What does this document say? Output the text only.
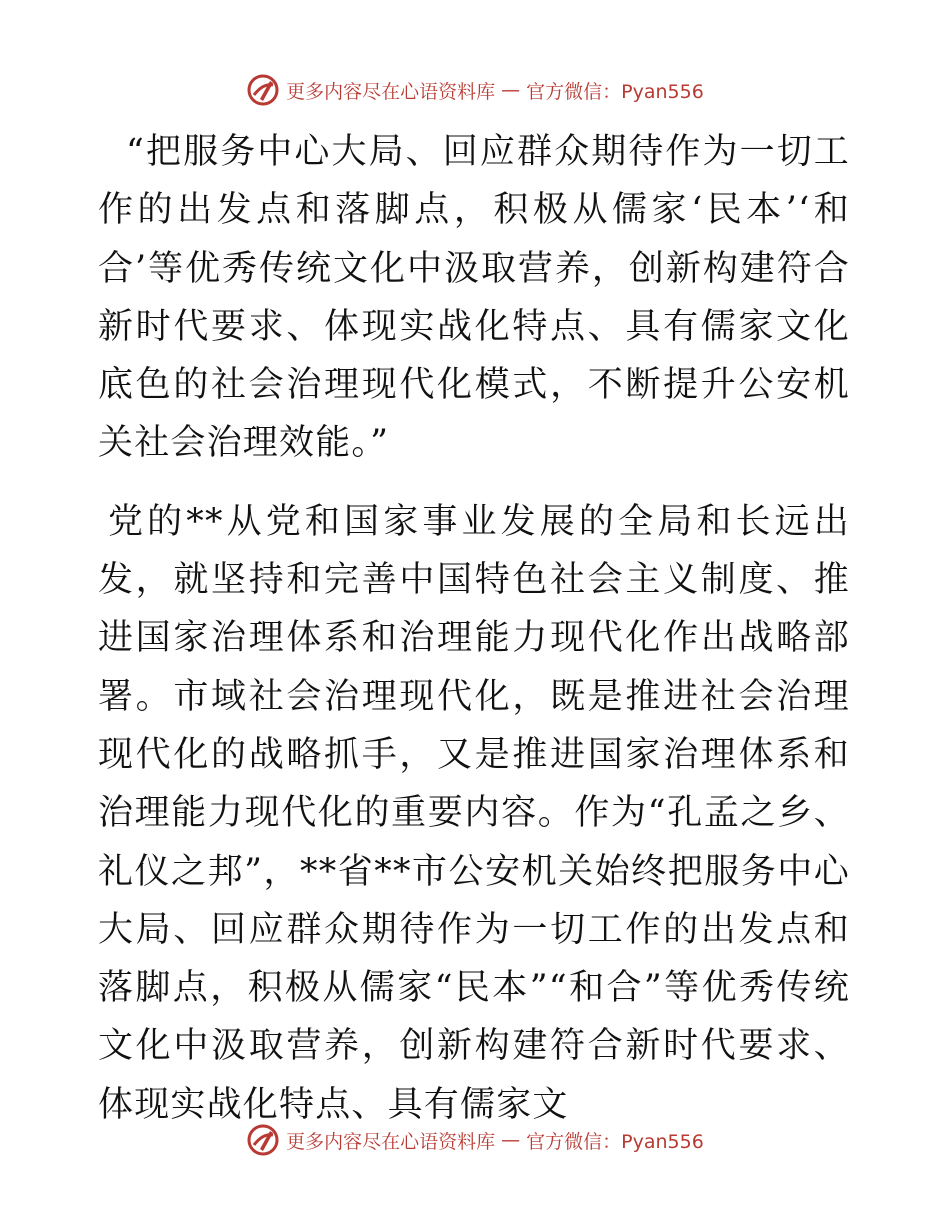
更多内容尽在心语资料库 — 官方微信：Pyan556

“把服务中心大局、回应群众期待作为一切工作的出发点和落脚点，积极从儒家‘民本’‘和合’等优秀传统文化中汲取营养，创新构建符合新时代要求、体现实战化特点、具有儒家文化底色的社会治理现代化模式，不断提升公安机关社会治理效能。”

党的**从党和国家事业发展的全局和长远出发，就坚持和完善中国特色社会主义制度、推进国家治理体系和治理能力现代化作出战略部署。市域社会治理现代化，既是推进社会治理现代化的战略抓手，又是推进国家治理体系和治理能力现代化的重要内容。作为“孔孟之乡、礼仪之邦”，**省**市公安机关始终把服务中心大局、回应群众期待作为一切工作的出发点和落脚点，积极从儒家“民本”“和合”等优秀传统文化中汲取营养，创新构建符合新时代要求、体现实战化特点、具有儒家文

更多内容尽在心语资料库 — 官方微信：Pyan556
